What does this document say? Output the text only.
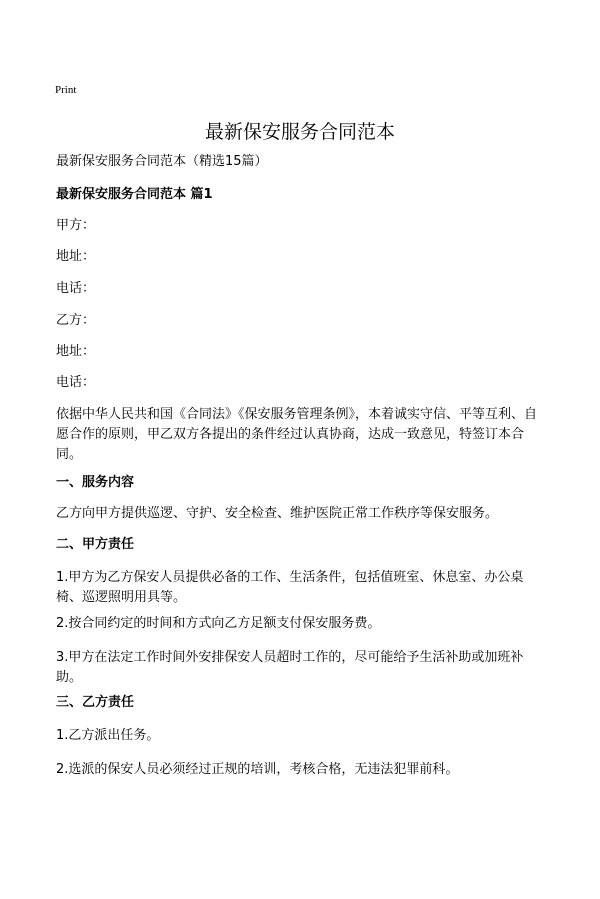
Print
最新保安服务合同范本

最新保安服务合同范本（精选15篇）

最新保安服务合同范本 篇1

甲方：

地址：

电话：

乙方：

地址：

电话：

依据中华人民共和国《合同法》《保安服务管理条例》，本着诚实守信、平等互利、自愿合作的原则，甲乙双方各提出的条件经过认真协商，达成一致意见，特签订本合同。

一、服务内容

乙方向甲方提供巡逻、守护、安全检查、维护医院正常工作秩序等保安服务。

二、甲方责任

1.甲方为乙方保安人员提供必备的工作、生活条件，包括值班室、休息室、办公桌椅、巡逻照明用具等。

2.按合同约定的时间和方式向乙方足额支付保安服务费。

3.甲方在法定工作时间外安排保安人员超时工作的，尽可能给予生活补助或加班补助。

三、乙方责任

1.乙方派出任务。

2.选派的保安人员必须经过正规的培训，考核合格，无违法犯罪前科。
